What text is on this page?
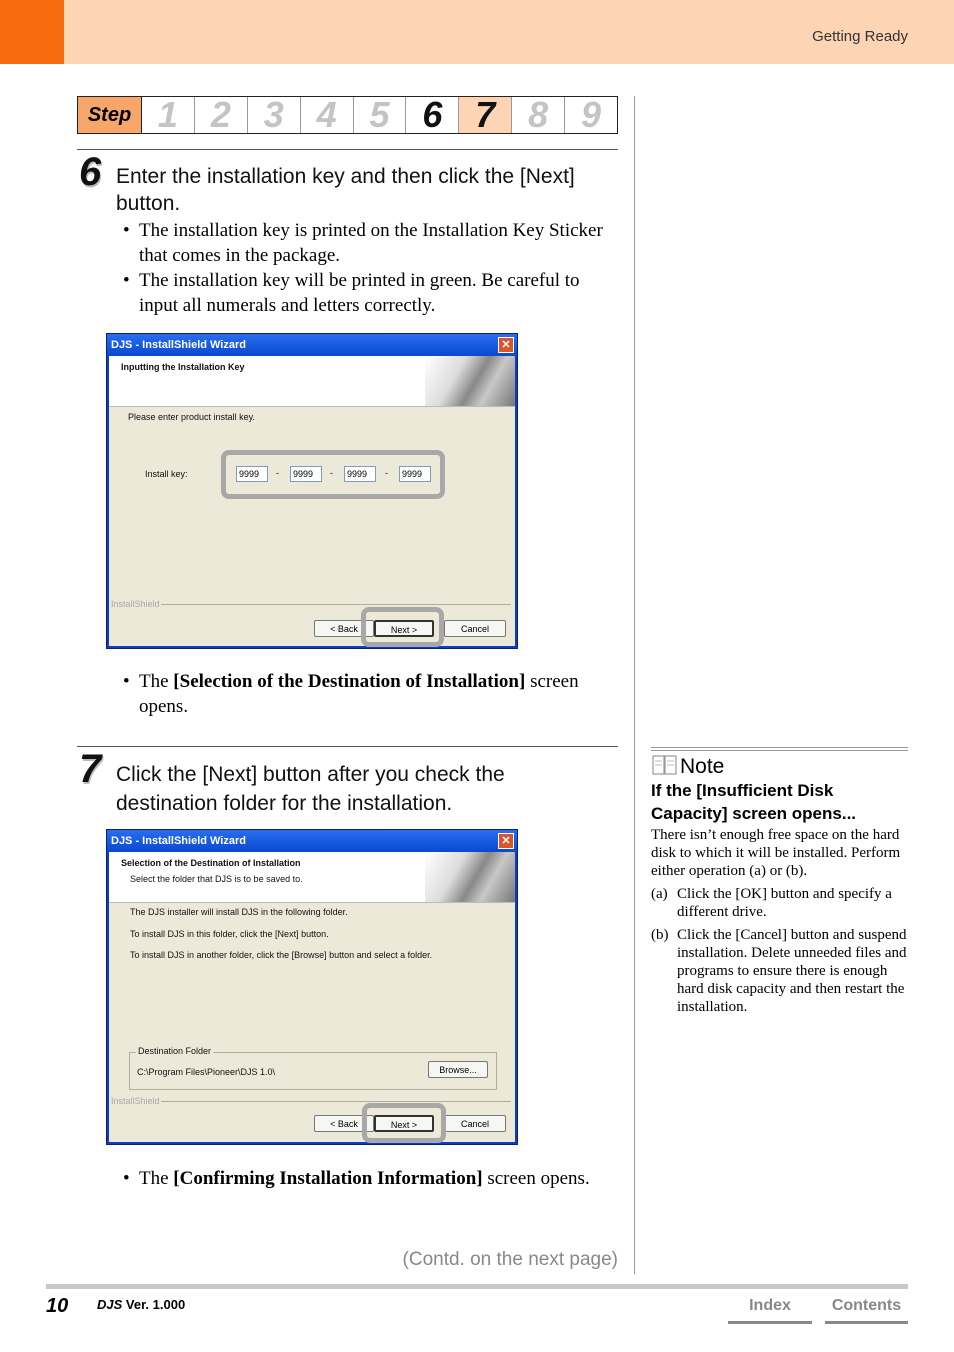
Getting Ready
Step 1 2 3 4 5 6 7 8 9
6 Enter the installation key and then click the [Next] button.
• The installation key is printed on the Installation Key Sticker that comes in the package.
• The installation key will be printed in green. Be careful to input all numerals and letters correctly.
DJS - InstallShield Wizard	✕
Inputting the Installation Key
Please enter product install key.
Install key:	9999	-	9999	-	9999	-	9999
InstallShield
< Back	Next >	Cancel
• The [Selection of the Destination of Installation] screen opens.
7 Click the [Next] button after you check the destination folder for the installation.
DJS - InstallShield Wizard	✕
Selection of the Destination of Installation
Select the folder that DJS is to be saved to.
The DJS installer will install DJS in the following folder.
To install DJS in this folder, click the [Next] button.
To install DJS in another folder, click the [Browse] button and select a folder.
Destination Folder
C:\Program Files\Pioneer\DJS 1.0\	Browse...
InstallShield
< Back	Next >	Cancel
• The [Confirming Installation Information] screen opens.
(Contd. on the next page)
Note
If the [Insufficient Disk Capacity] screen opens...
There isn’t enough free space on the hard disk to which it will be installed. Perform either operation (a) or (b).
(a) Click the [OK] button and specify a different drive.
(b) Click the [Cancel] button and suspend installation. Delete unneeded files and programs to ensure there is enough hard disk capacity and then restart the installation.
10 DJS Ver. 1.000	Index	Contents
